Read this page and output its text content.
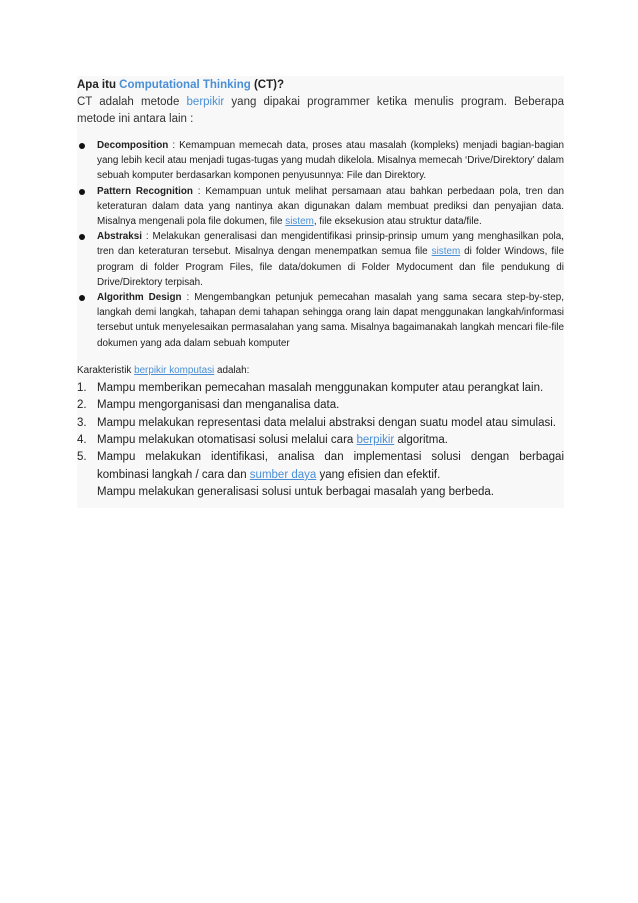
Apa itu Computational Thinking (CT)?
CT adalah metode berpikir yang dipakai programmer ketika menulis program. Beberapa metode ini antara lain :
Decomposition : Kemampuan memecah data, proses atau masalah (kompleks) menjadi bagian-bagian yang lebih kecil atau menjadi tugas-tugas yang mudah dikelola. Misalnya memecah ‘Drive/Direktory’ dalam sebuah komputer berdasarkan komponen penyusunnya: File dan Direktory.
Pattern Recognition : Kemampuan untuk melihat persamaan atau bahkan perbedaan pola, tren dan keteraturan dalam data yang nantinya akan digunakan dalam membuat prediksi dan penyajian data. Misalnya mengenali pola file dokumen, file sistem, file eksekusion atau struktur data/file.
Abstraksi : Melakukan generalisasi dan mengidentifikasi prinsip-prinsip umum yang menghasilkan pola, tren dan keteraturan tersebut. Misalnya dengan menempatkan semua file sistem di folder Windows, file program di folder Program Files, file data/dokumen di Folder Mydocument dan file pendukung di Drive/Direktory terpisah.
Algorithm Design : Mengembangkan petunjuk pemecahan masalah yang sama secara step-by-step, langkah demi langkah, tahapan demi tahapan sehingga orang lain dapat menggunakan langkah/informasi tersebut untuk menyelesaikan permasalahan yang sama. Misalnya bagaimanakah langkah mencari file-file dokumen yang ada dalam sebuah komputer
Karakteristik berpikir komputasi adalah:
1. Mampu memberikan pemecahan masalah menggunakan komputer atau perangkat lain.
2. Mampu mengorganisasi dan menganalisa data.
3. Mampu melakukan representasi data melalui abstraksi dengan suatu model atau simulasi.
4. Mampu melakukan otomatisasi solusi melalui cara berpikir algoritma.
5. Mampu melakukan identifikasi, analisa dan implementasi solusi dengan berbagai kombinasi langkah / cara dan sumber daya yang efisien dan efektif.
Mampu melakukan generalisasi solusi untuk berbagai masalah yang berbeda.
